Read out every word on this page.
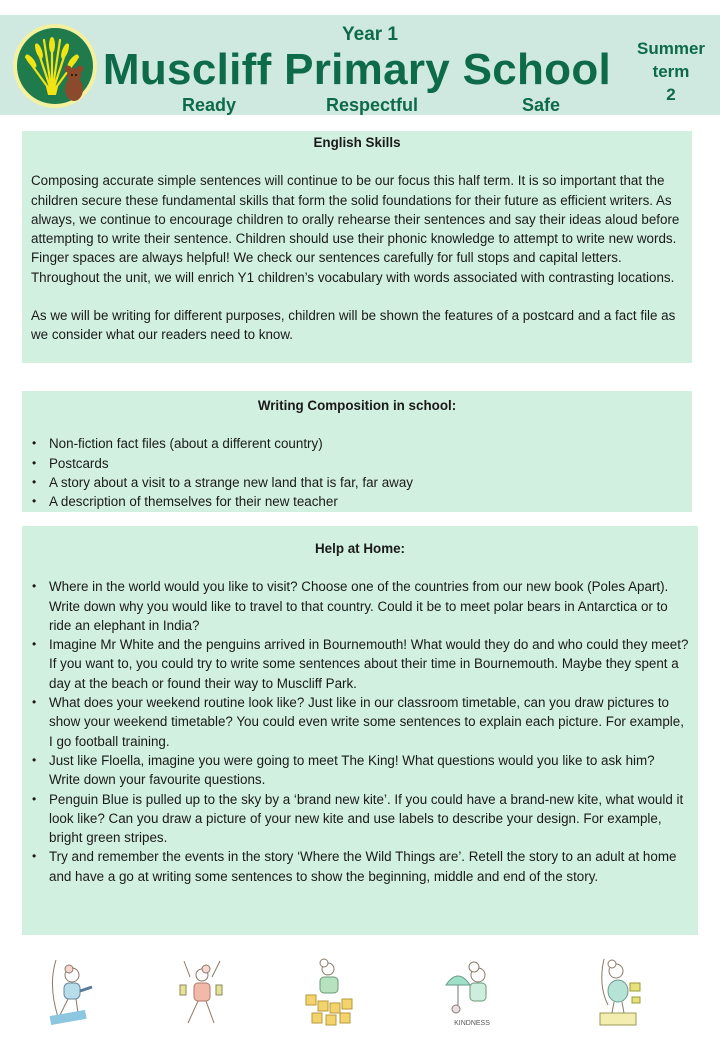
Year 1
Muscliff Primary School
Ready	Respectful	Safe
Summer
term
2
English Skills

Composing accurate simple sentences will continue to be our focus this half term. It is so important that the children secure these fundamental skills that form the solid foundations for their future as efficient writers. As always, we continue to encourage children to orally rehearse their sentences and say their ideas aloud before attempting to write their sentence. Children should use their phonic knowledge to attempt to write new words. Finger spaces are always helpful! We check our sentences carefully for full stops and capital letters. Throughout the unit, we will enrich Y1 children’s vocabulary with words associated with contrasting locations.

As we will be writing for different purposes, children will be shown the features of a postcard and a fact file as we consider what our readers need to know.

Writing Composition in school:
• Non-fiction fact files (about a different country)
• Postcards
• A story about a visit to a strange new land that is far, far away
• A description of themselves for their new teacher
Help at Home:
• Where in the world would you like to visit? Choose one of the countries from our new book (Poles Apart). Write down why you would like to travel to that country. Could it be to meet polar bears in Antarctica or to ride an elephant in India?
• Imagine Mr White and the penguins arrived in Bournemouth! What would they do and who could they meet? If you want to, you could try to write some sentences about their time in Bournemouth. Maybe they spent a day at the beach or found their way to Muscliff Park.
• What does your weekend routine look like? Just like in our classroom timetable, can you draw pictures to show your weekend timetable? You could even write some sentences to explain each picture. For example, I go football training.
• Just like Floella, imagine you were going to meet The King! What questions would you like to ask him? Write down your favourite questions.
• Penguin Blue is pulled up to the sky by a ‘brand new kite’. If you could have a brand-new kite, what would it look like? Can you draw a picture of your new kite and use labels to describe your design. For example, bright green stripes.
• Try and remember the events in the story ‘Where the Wild Things are’. Retell the story to an adult at home and have a go at writing some sentences to show the beginning, middle and end of the story.
KINDNESS
